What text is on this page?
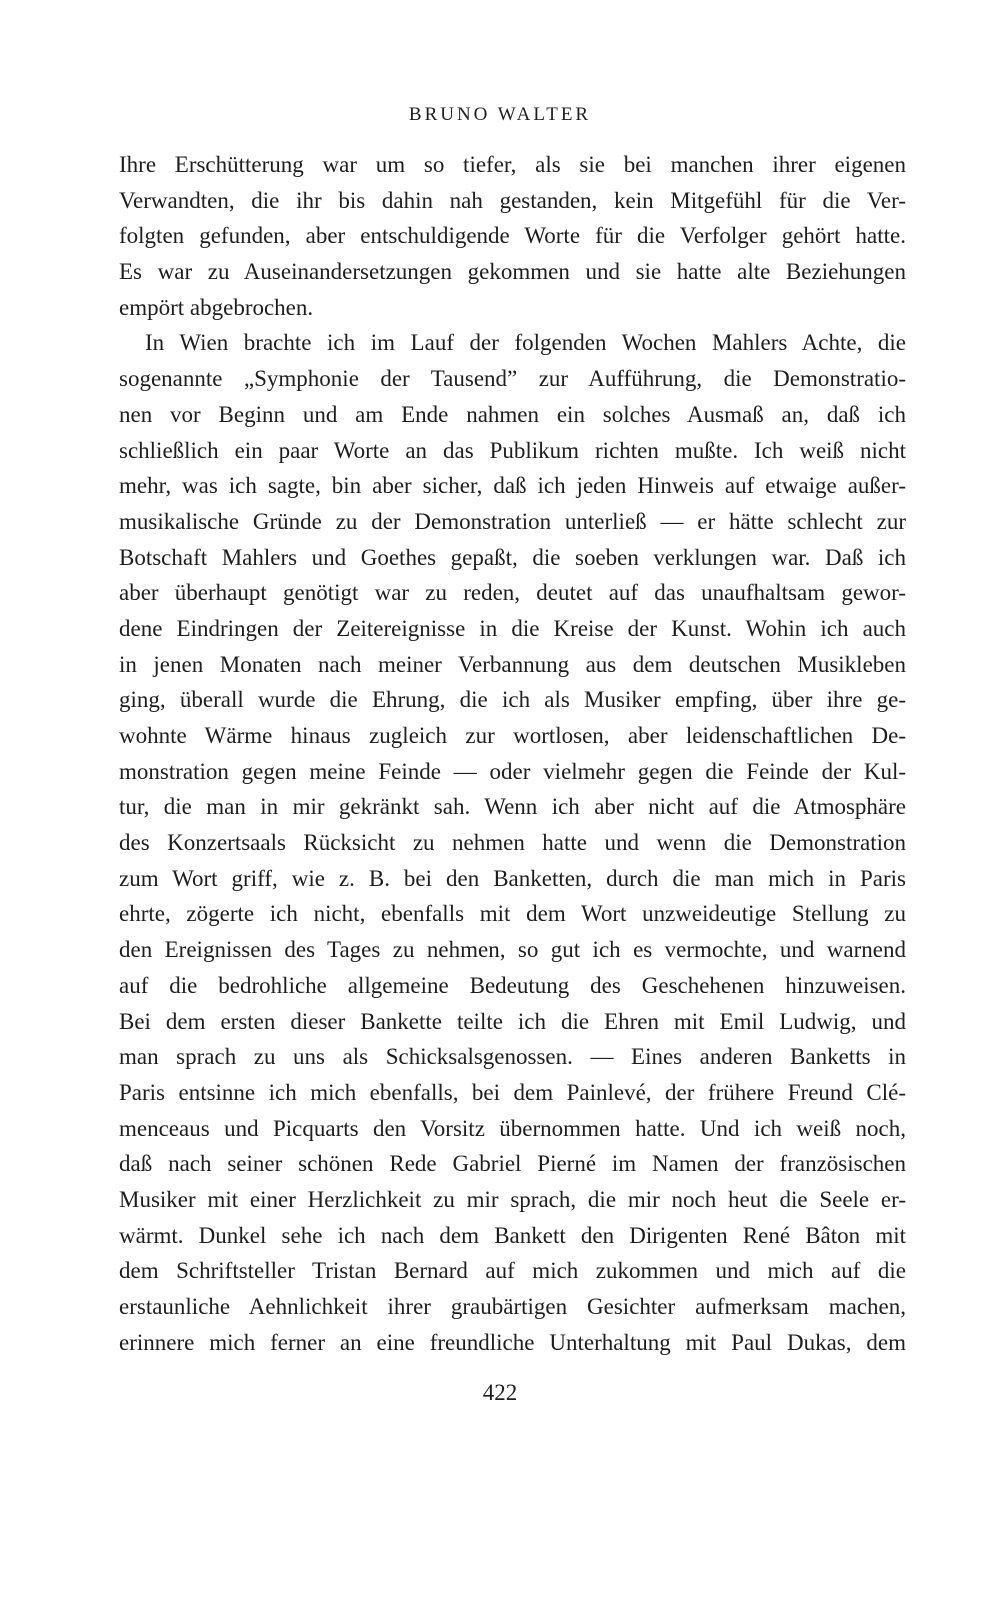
BRUNO WALTER
Ihre Erschütterung war um so tiefer, als sie bei manchen ihrer eigenen
Verwandten, die ihr bis dahin nah gestanden, kein Mitgefühl für die Ver-
folgten gefunden, aber entschuldigende Worte für die Verfolger gehört hatte.
Es war zu Auseinandersetzungen gekommen und sie hatte alte Beziehungen
empört abgebrochen.
In Wien brachte ich im Lauf der folgenden Wochen Mahlers Achte, die
sogenannte „Symphonie der Tausend” zur Aufführung, die Demonstratio-
nen vor Beginn und am Ende nahmen ein solches Ausmaß an, daß ich
schließlich ein paar Worte an das Publikum richten mußte. Ich weiß nicht
mehr, was ich sagte, bin aber sicher, daß ich jeden Hinweis auf etwaige außer-
musikalische Gründe zu der Demonstration unterließ — er hätte schlecht zur
Botschaft Mahlers und Goethes gepaßt, die soeben verklungen war. Daß ich
aber überhaupt genötigt war zu reden, deutet auf das unaufhaltsam gewor-
dene Eindringen der Zeitereignisse in die Kreise der Kunst. Wohin ich auch
in jenen Monaten nach meiner Verbannung aus dem deutschen Musikleben
ging, überall wurde die Ehrung, die ich als Musiker empfing, über ihre ge-
wohnte Wärme hinaus zugleich zur wortlosen, aber leidenschaftlichen De-
monstration gegen meine Feinde — oder vielmehr gegen die Feinde der Kul-
tur, die man in mir gekränkt sah. Wenn ich aber nicht auf die Atmosphäre
des Konzertsaals Rücksicht zu nehmen hatte und wenn die Demonstration
zum Wort griff, wie z. B. bei den Banketten, durch die man mich in Paris
ehrte, zögerte ich nicht, ebenfalls mit dem Wort unzweideutige Stellung zu
den Ereignissen des Tages zu nehmen, so gut ich es vermochte, und warnend
auf die bedrohliche allgemeine Bedeutung des Geschehenen hinzuweisen.
Bei dem ersten dieser Bankette teilte ich die Ehren mit Emil Ludwig, und
man sprach zu uns als Schicksalsgenossen. — Eines anderen Banketts in
Paris entsinne ich mich ebenfalls, bei dem Painlevé, der frühere Freund Clé-
menceaus und Picquarts den Vorsitz übernommen hatte. Und ich weiß noch,
daß nach seiner schönen Rede Gabriel Pierné im Namen der französischen
Musiker mit einer Herzlichkeit zu mir sprach, die mir noch heut die Seele er-
wärmt. Dunkel sehe ich nach dem Bankett den Dirigenten René Bâton mit
dem Schriftsteller Tristan Bernard auf mich zukommen und mich auf die
erstaunliche Aehnlichkeit ihrer graubärtigen Gesichter aufmerksam machen,
erinnere mich ferner an eine freundliche Unterhaltung mit Paul Dukas, dem
422
